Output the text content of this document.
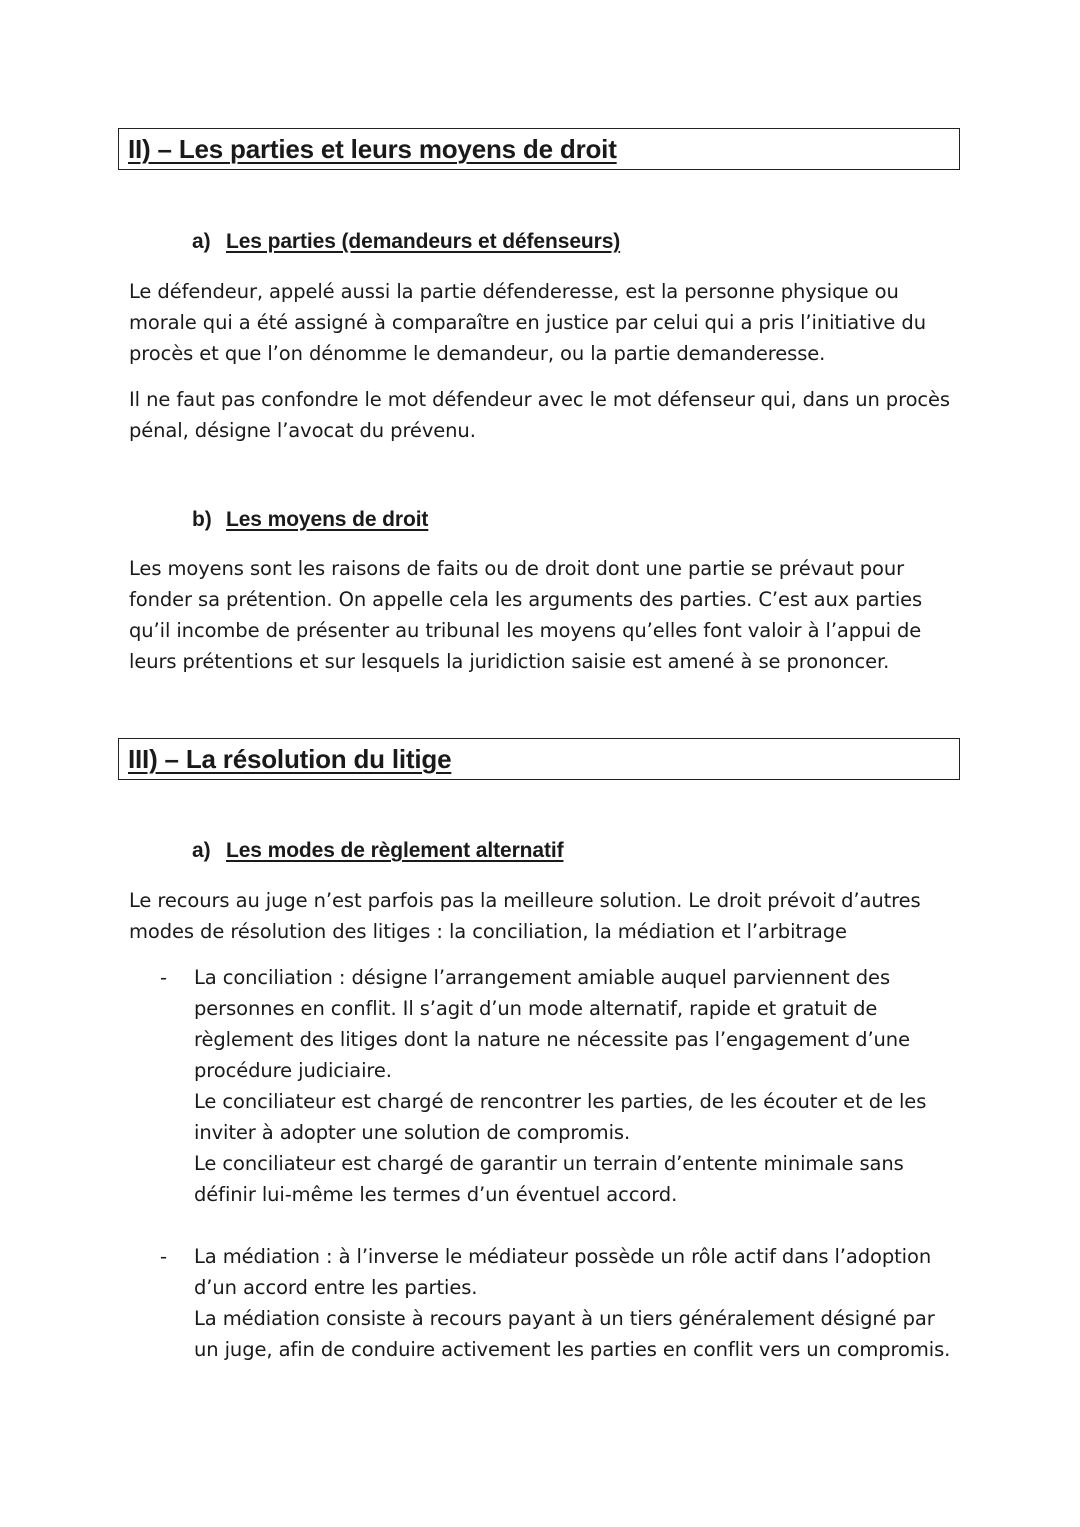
II) – Les parties et leurs moyens de droit
a) Les parties (demandeurs et défenseurs)

Le défendeur, appelé aussi la partie défenderesse, est la personne physique ou morale qui a été assigné à comparaître en justice par celui qui a pris l’initiative du procès et que l’on dénomme le demandeur, ou la partie demanderesse.

Il ne faut pas confondre le mot défendeur avec le mot défenseur qui, dans un procès pénal, désigne l’avocat du prévenu.

b) Les moyens de droit

Les moyens sont les raisons de faits ou de droit dont une partie se prévaut pour fonder sa prétention. On appelle cela les arguments des parties. C’est aux parties qu’il incombe de présenter au tribunal les moyens qu’elles font valoir à l’appui de leurs prétentions et sur lesquels la juridiction saisie est amené à se prononcer.

III) – La résolution du litige
a) Les modes de règlement alternatif

Le recours au juge n’est parfois pas la meilleure solution. Le droit prévoit d’autres modes de résolution des litiges : la conciliation, la médiation et l’arbitrage

- La conciliation : désigne l’arrangement amiable auquel parviennent des personnes en conflit. Il s’agit d’un mode alternatif, rapide et gratuit de règlement des litiges dont la nature ne nécessite pas l’engagement d’une procédure judiciaire.
Le conciliateur est chargé de rencontrer les parties, de les écouter et de les inviter à adopter une solution de compromis.
Le conciliateur est chargé de garantir un terrain d’entente minimale sans définir lui-même les termes d’un éventuel accord.
- La médiation : à l’inverse le médiateur possède un rôle actif dans l’adoption d’un accord entre les parties.
La médiation consiste à recours payant à un tiers généralement désigné par un juge, afin de conduire activement les parties en conflit vers un compromis.
